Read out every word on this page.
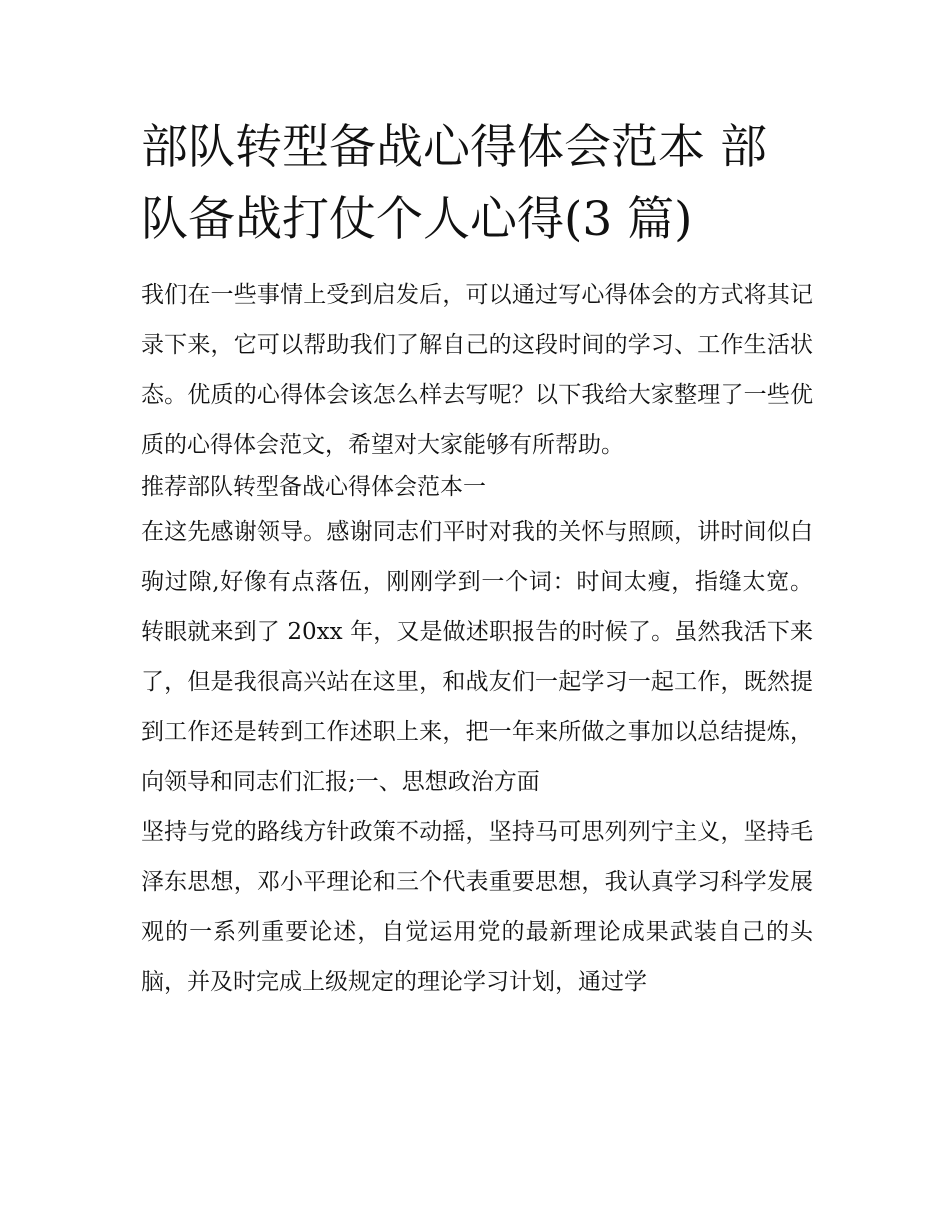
部队转型备战心得体会范本 部队备战打仗个人心得(3 篇)

我们在一些事情上受到启发后，可以通过写心得体会的方式将其记录下来，它可以帮助我们了解自己的这段时间的学习、工作生活状态。优质的心得体会该怎么样去写呢？以下我给大家整理了一些优质的心得体会范文，希望对大家能够有所帮助。

推荐部队转型备战心得体会范本一

在这先感谢领导。感谢同志们平时对我的关怀与照顾，讲时间似白驹过隙,好像有点落伍，刚刚学到一个词：时间太瘦，指缝太宽。转眼就来到了 20xx 年，又是做述职报告的时候了。虽然我活下来了，但是我很高兴站在这里，和战友们一起学习一起工作，既然提到工作还是转到工作述职上来，把一年来所做之事加以总结提炼，向领导和同志们汇报;一、思想政治方面

坚持与党的路线方针政策不动摇，坚持马可思列列宁主义，坚持毛泽东思想，邓小平理论和三个代表重要思想，我认真学习科学发展观的一系列重要论述，自觉运用党的最新理论成果武装自己的头脑，并及时完成上级规定的理论学习计划，通过学
